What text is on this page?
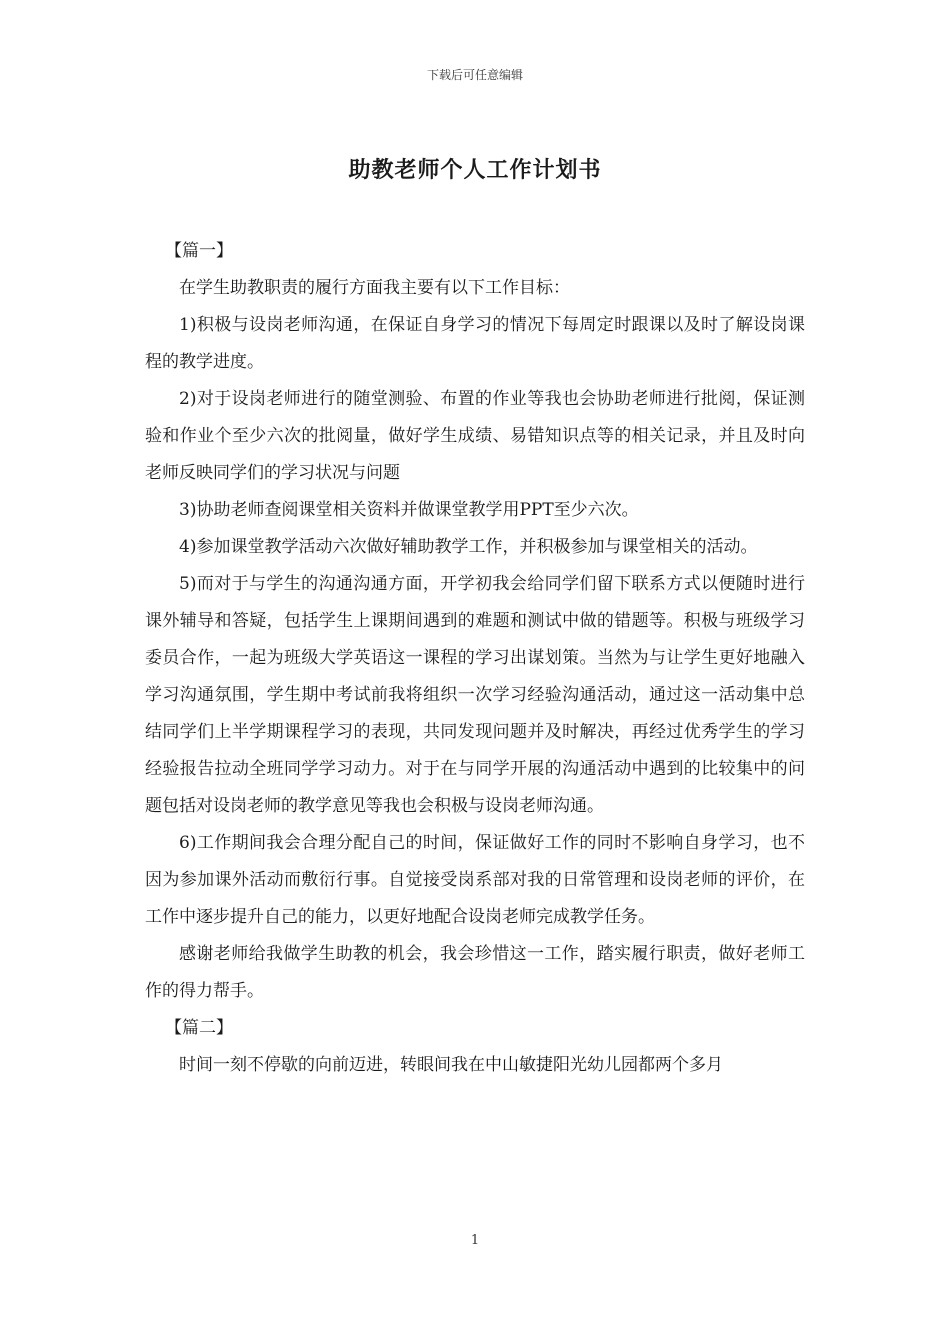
下载后可任意编辑
助教老师个人工作计划书

【篇一】

在学生助教职责的履行方面我主要有以下工作目标：

1)积极与设岗老师沟通，在保证自身学习的情况下每周定时跟课以及时了解设岗课程的教学进度。

2)对于设岗老师进行的随堂测验、布置的作业等我也会协助老师进行批阅，保证测验和作业个至少六次的批阅量，做好学生成绩、易错知识点等的相关记录，并且及时向老师反映同学们的学习状况与问题

3)协助老师查阅课堂相关资料并做课堂教学用PPT至少六次。

4)参加课堂教学活动六次做好辅助教学工作，并积极参加与课堂相关的活动。

5)而对于与学生的沟通沟通方面，开学初我会给同学们留下联系方式以便随时进行课外辅导和答疑，包括学生上课期间遇到的难题和测试中做的错题等。积极与班级学习委员合作，一起为班级大学英语这一课程的学习出谋划策。当然为与让学生更好地融入学习沟通氛围，学生期中考试前我将组织一次学习经验沟通活动，通过这一活动集中总结同学们上半学期课程学习的表现，共同发现问题并及时解决，再经过优秀学生的学习经验报告拉动全班同学学习动力。对于在与同学开展的沟通活动中遇到的比较集中的问题包括对设岗老师的教学意见等我也会积极与设岗老师沟通。

6)工作期间我会合理分配自己的时间，保证做好工作的同时不影响自身学习，也不因为参加课外活动而敷衍行事。自觉接受岗系部对我的日常管理和设岗老师的评价，在工作中逐步提升自己的能力，以更好地配合设岗老师完成教学任务。

感谢老师给我做学生助教的机会，我会珍惜这一工作，踏实履行职责，做好老师工作的得力帮手。

【篇二】

时间一刻不停歇的向前迈进，转眼间我在中山敏捷阳光幼儿园都两个多月

1
